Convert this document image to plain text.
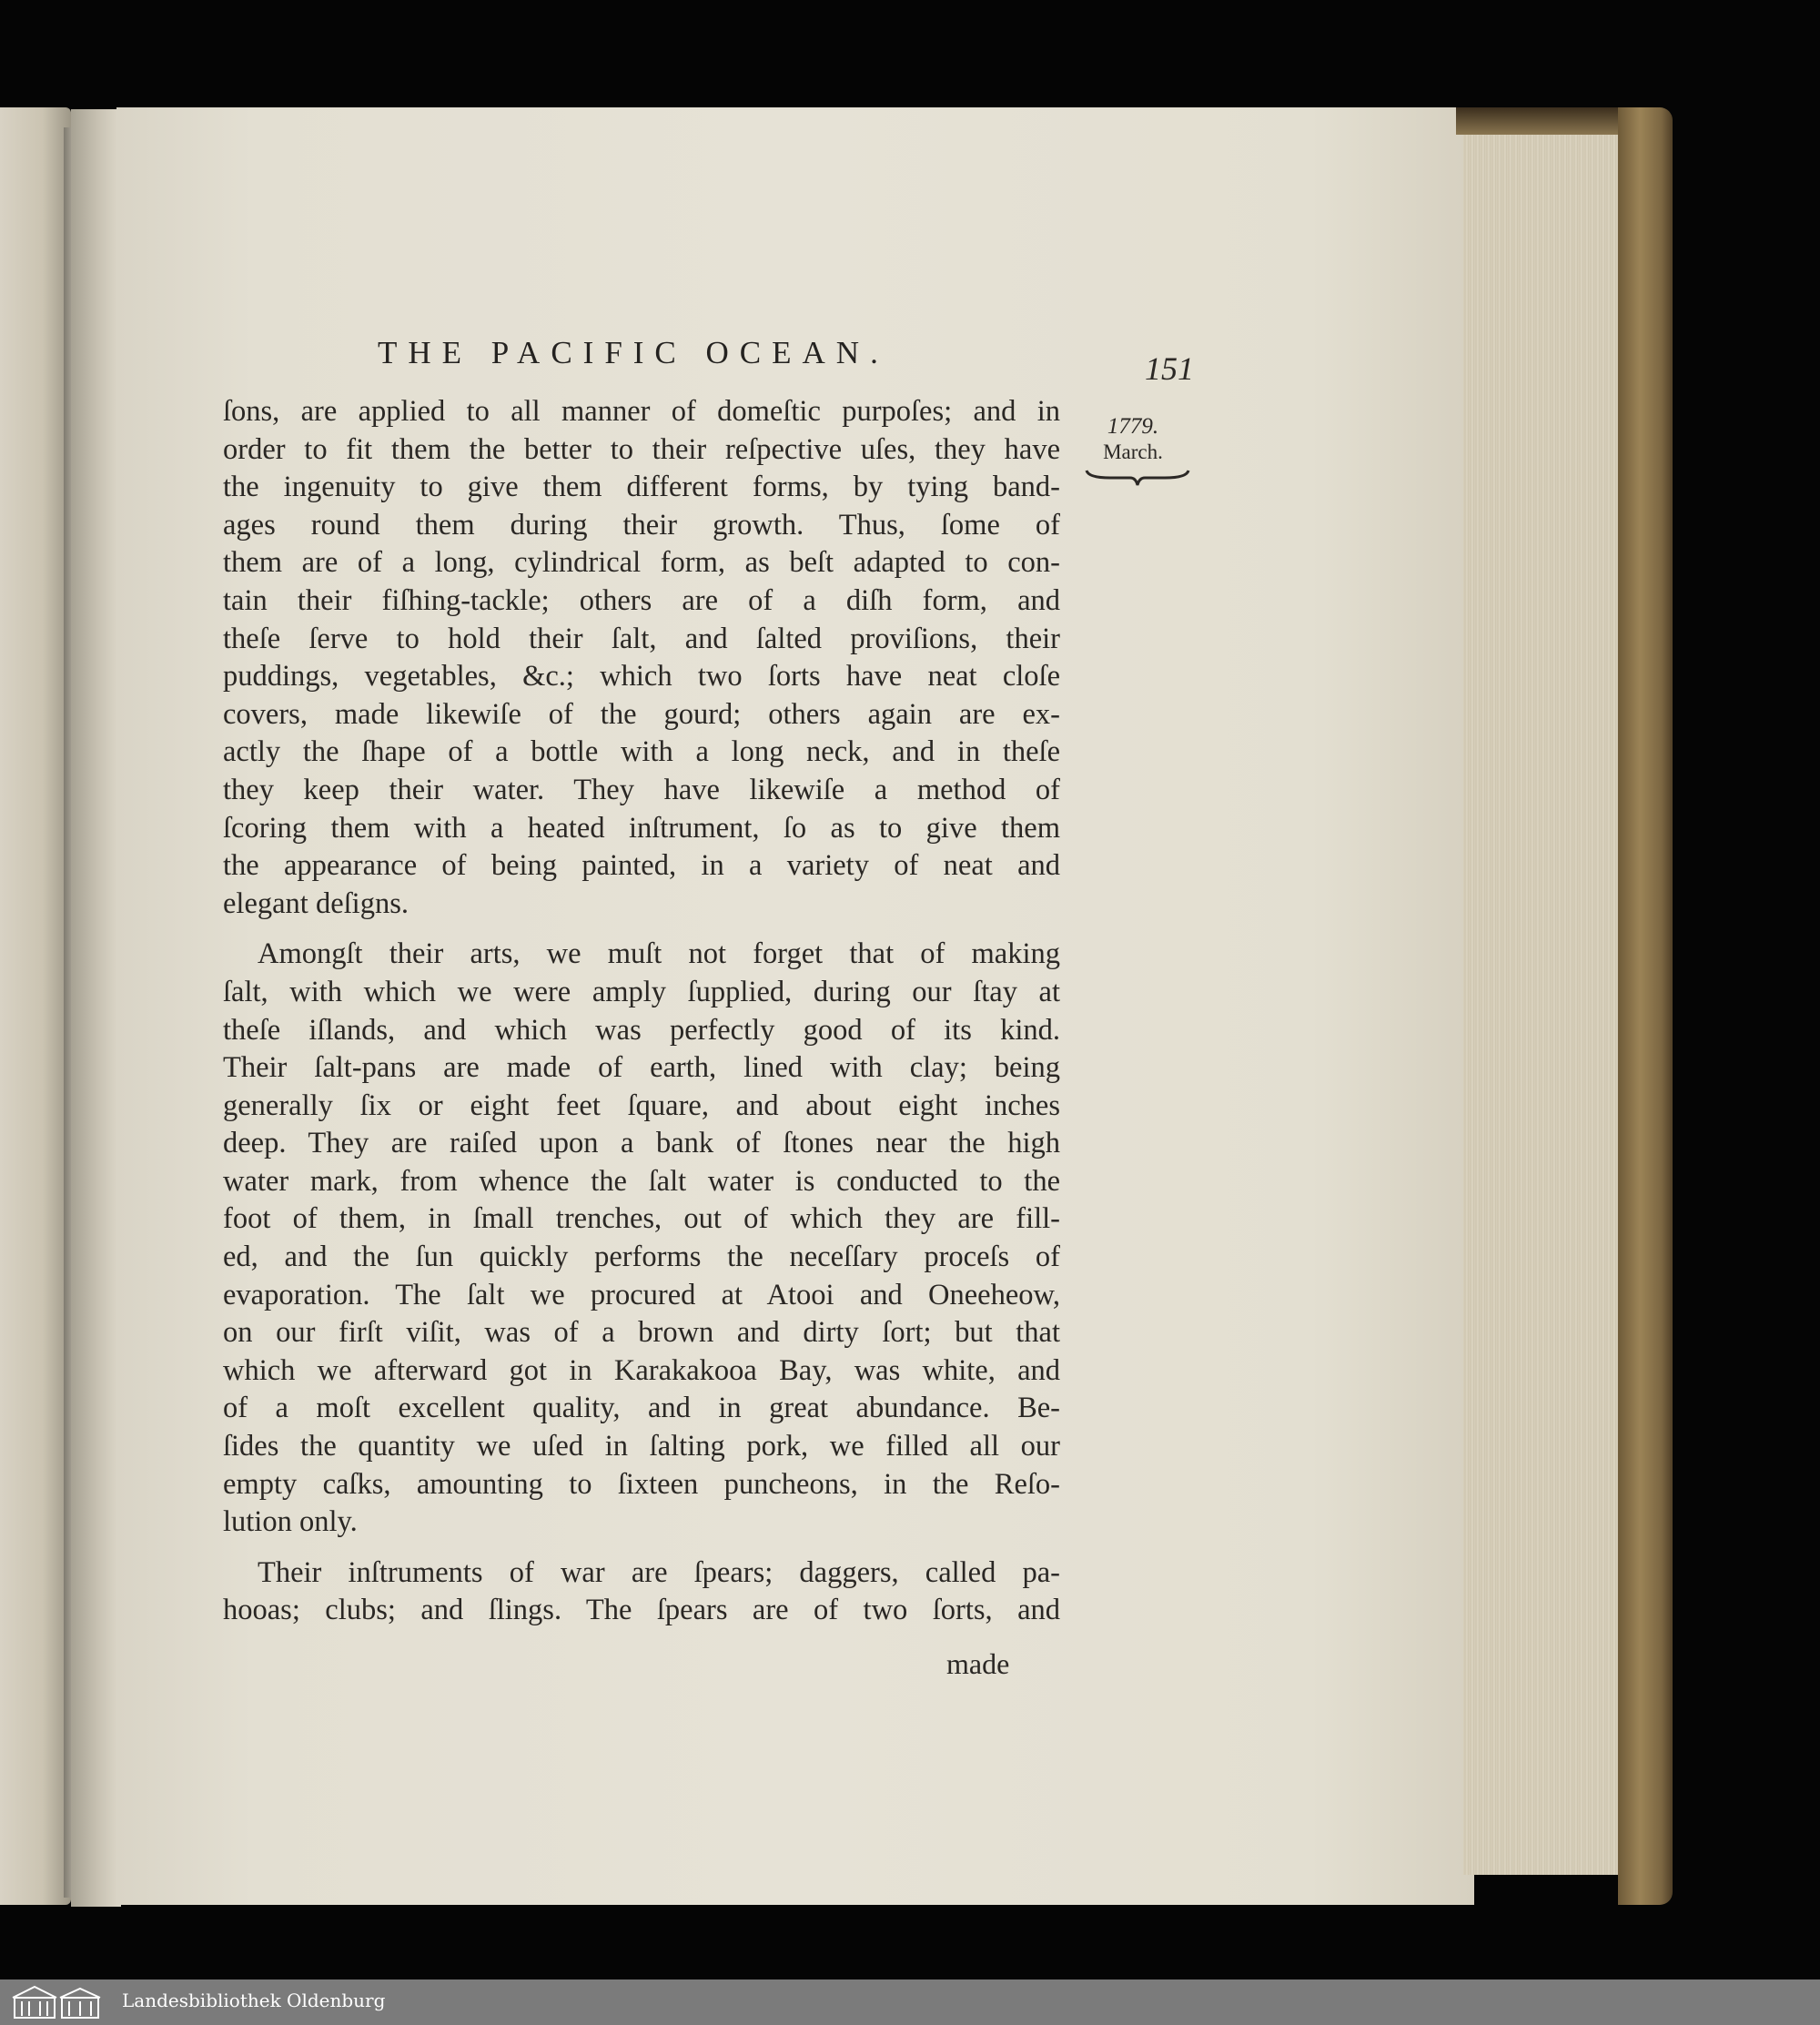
THE PACIFIC OCEAN.	151
1779.
March.

ſons, are applied to all manner of domeſtic purpoſes; and in

order to fit them the better to their reſpective uſes, they have

the ingenuity to give them different forms, by tying band-

ages round them during their growth. Thus, ſome of

them are of a long, cylindrical form, as beſt adapted to con-

tain their fiſhing-tackle; others are of a diſh form, and

theſe ſerve to hold their ſalt, and ſalted proviſions, their

puddings, vegetables, &c.; which two ſorts have neat cloſe

covers, made likewiſe of the gourd; others again are ex-

actly the ſhape of a bottle with a long neck, and in theſe

they keep their water. They have likewiſe a method of

ſcoring them with a heated inſtrument, ſo as to give them

the appearance of being painted, in a variety of neat and

elegant deſigns.

Amongſt their arts, we muſt not forget that of making

ſalt, with which we were amply ſupplied, during our ſtay at

theſe iſlands, and which was perfectly good of its kind.

Their ſalt-pans are made of earth, lined with clay; being

generally ſix or eight feet ſquare, and about eight inches

deep. They are raiſed upon a bank of ſtones near the high

water mark, from whence the ſalt water is conducted to the

foot of them, in ſmall trenches, out of which they are fill-

ed, and the ſun quickly performs the neceſſary proceſs of

evaporation. The ſalt we procured at Atooi and Oneeheow,

on our firſt viſit, was of a brown and dirty ſort; but that

which we afterward got in Karakakooa Bay, was white, and

of a moſt excellent quality, and in great abundance. Be-

ſides the quantity we uſed in ſalting pork, we filled all our

empty caſks, amounting to ſixteen puncheons, in the Reſo-

lution only.

Their inſtruments of war are ſpears; daggers, called pa-

hooas; clubs; and ſlings. The ſpears are of two ſorts, and

made
Landesbibliothek Oldenburg
